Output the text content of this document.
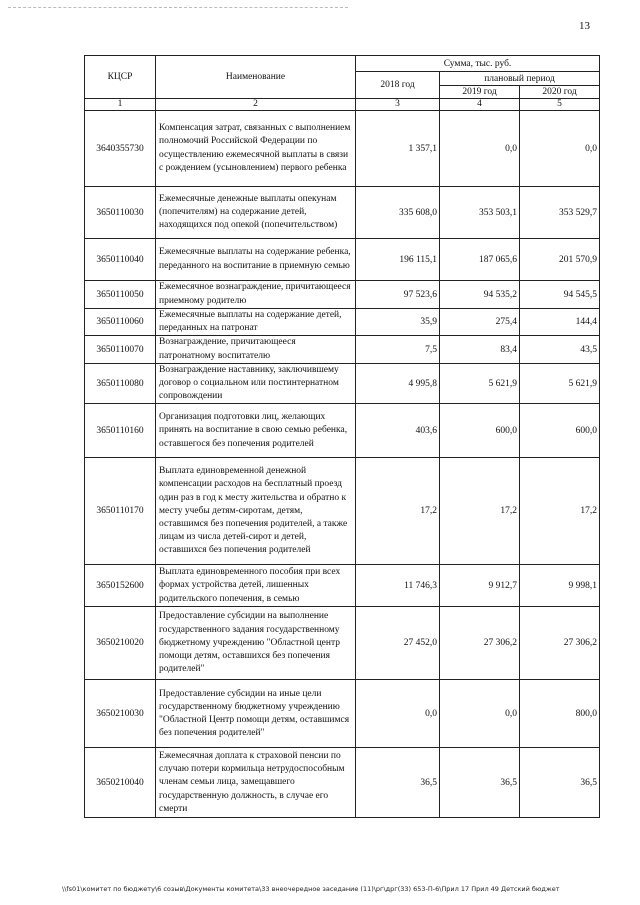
13
КЦСР	Наименование	Сумма, тыс. руб.		
		2018 год	плановый период	
			2019 год	2020 год
1	2	3	4	5
3640355730	Компенсация затрат, связанных с выполнением полномочий Российской Федерации по осуществлению ежемесячной выплаты в связи с рождением (усыновлением) первого ребенка	1 357,1	0,0	0,0
3650110030	Ежемесячные денежные выплаты опекунам (попечителям) на содержание детей, находящихся под опекой (попечительством)	335 608,0	353 503,1	353 529,7
3650110040	Ежемесячные выплаты на содержание ребенка, переданного на воспитание в приемную семью	196 115,1	187 065,6	201 570,9
3650110050	Ежемесячное вознаграждение, причитающееся приемному родителю	97 523,6	94 535,2	94 545,5
3650110060	Ежемесячные выплаты на содержание детей, переданных на патронат	35,9	275,4	144,4
3650110070	Вознаграждение, причитающееся патронатному воспитателю	7,5	83,4	43,5
3650110080	Вознаграждение наставнику, заключившему договор о социальном или постинтернатном сопровождении	4 995,8	5 621,9	5 621,9
3650110160	Организация подготовки лиц, желающих принять на воспитание в свою семью ребенка, оставшегося без попечения родителей	403,6	600,0	600,0
3650110170	Выплата единовременной денежной компенсации расходов на бесплатный проезд один раз в год к месту жительства и обратно к месту учебы детям-сиротам, детям, оставшимся без попечения родителей, а также лицам из числа детей-сирот и детей, оставшихся без попечения родителей	17,2	17,2	17,2
3650152600	Выплата единовременного пособия при всех формах устройства детей, лишенных родительского попечения, в семью	11 746,3	9 912,7	9 998,1
3650210020	Предоставление субсидии на выполнение государственного задания государственному бюджетному учреждению "Областной центр помощи детям, оставшихся без попечения родителей"	27 452,0	27 306,2	27 306,2
3650210030	Предоставление субсидии на иные цели государственному бюджетному учреждению "Областной Центр помощи детям, оставшимся без попечения родителей"	0,0	0,0	800,0
3650210040	Ежемесячная доплата к страховой пенсии по случаю потери кормильца нетрудоспособным членам семьи лица, замещавшего государственную должность, в случае его смерти	36,5	36,5	36,5
\\fs01\комитет по бюджету\6 созыв\Документы комитета\33 внеочередное заседание (11)\рг\дрг(33) 653-П-6\Прил 17 Прил 49 Детский бюджет
